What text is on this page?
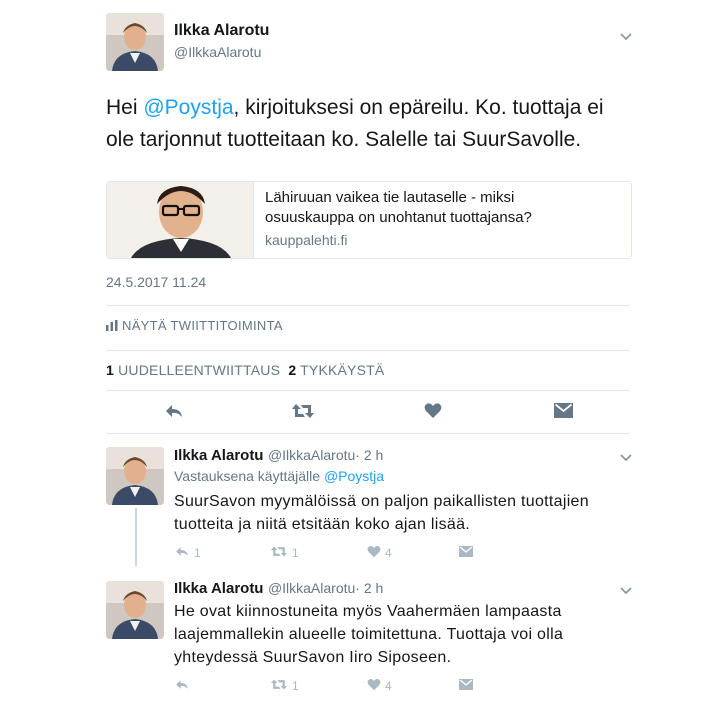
Ilkka Alarotu
@IlkkaAlarotu
Hei @Poystja, kirjoituksesi on epäreilu. Ko. tuottaja ei ole tarjonnut tuotteitaan ko. Salelle tai SuurSavolle.
Lähiruuan vaikea tie lautaselle - miksi osuuskauppa on unohtanut tuottajansa?
kauppalehti.fi
24.5.2017 11.24
NÄYTÄ TWIITTITOIMINTA
1 UUDELLEENTWIITTAUS 2 TYKKÄYSTÄ
Ilkka Alarotu @IlkkaAlarotu· 2 h
Vastauksena käyttäjälle @Poystja
SuurSavon myymälöissä on paljon paikallisten tuottajien tuotteita ja niitä etsitään koko ajan lisää.
1	1	4
Ilkka Alarotu @IlkkaAlarotu· 2 h
He ovat kiinnostuneita myös Vaahermäen lampaasta laajemmallekin alueelle toimitettuna. Tuottaja voi olla yhteydessä SuurSavon Iiro Siposeen.
1	4
